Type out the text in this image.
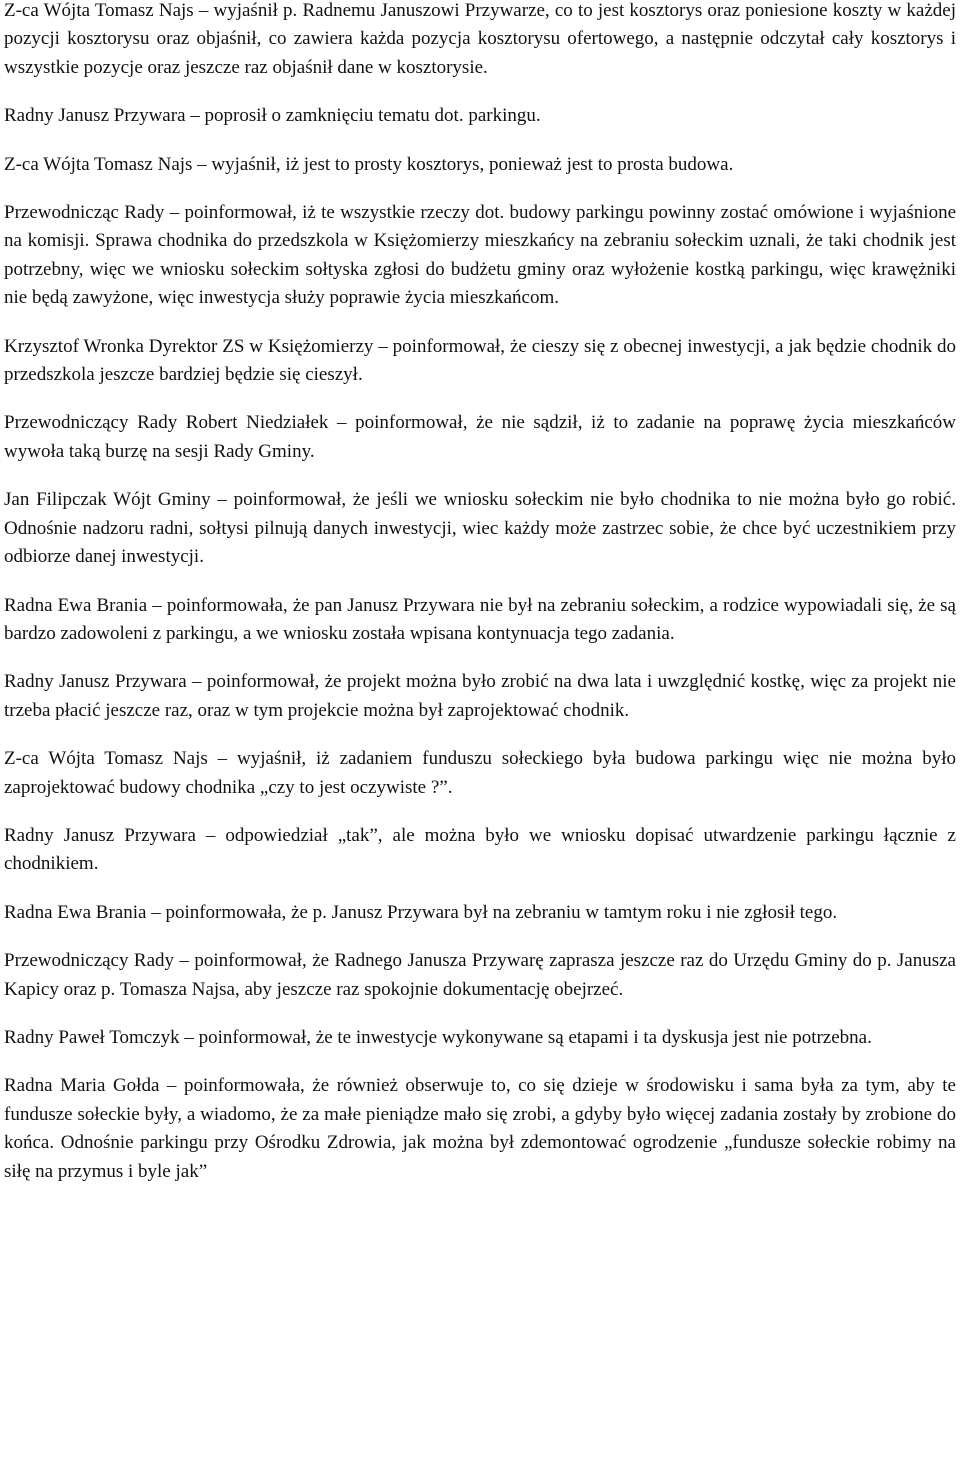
Z-ca Wójta Tomasz Najs – wyjaśnił p. Radnemu Januszowi Przywarze, co to jest kosztorys oraz poniesione koszty w każdej pozycji kosztorysu oraz objaśnił, co zawiera każda pozycja kosztorysu ofertowego, a następnie odczytał cały kosztorys i wszystkie pozycje oraz jeszcze raz objaśnił dane w kosztorysie.

Radny Janusz Przywara – poprosił o zamknięciu tematu dot. parkingu.

Z-ca Wójta Tomasz Najs – wyjaśnił, iż jest to prosty kosztorys, ponieważ jest to prosta budowa.

Przewodnicząc Rady – poinformował, iż te wszystkie rzeczy dot. budowy parkingu powinny zostać omówione i wyjaśnione na komisji. Sprawa chodnika do przedszkola w Księżomierzy mieszkańcy na zebraniu sołeckim uznali, że taki chodnik jest potrzebny, więc we wniosku sołeckim sołtyska zgłosi do budżetu gminy oraz wyłożenie kostką parkingu, więc krawężniki nie będą zawyżone, więc inwestycja służy poprawie życia mieszkańcom.

Krzysztof Wronka Dyrektor ZS w Księżomierzy – poinformował, że cieszy się z obecnej inwestycji, a jak będzie chodnik do przedszkola jeszcze bardziej będzie się cieszył.

Przewodniczący Rady Robert Niedziałek – poinformował, że nie sądził, iż to zadanie na poprawę życia mieszkańców wywoła taką burzę na sesji Rady Gminy.

Jan Filipczak Wójt Gminy – poinformował, że jeśli we wniosku sołeckim nie było chodnika to nie można było go robić. Odnośnie nadzoru radni, sołtysi pilnują danych inwestycji, wiec każdy może zastrzec sobie, że chce być uczestnikiem przy odbiorze danej inwestycji.

Radna Ewa Brania – poinformowała, że pan Janusz Przywara nie był na zebraniu sołeckim, a rodzice wypowiadali się, że są bardzo zadowoleni z parkingu, a we wniosku została wpisana kontynuacja tego zadania.

Radny Janusz Przywara – poinformował, że projekt można było zrobić na dwa lata i uwzględnić kostkę, więc za projekt nie trzeba płacić jeszcze raz, oraz w tym projekcie można był zaprojektować chodnik.

Z-ca Wójta Tomasz Najs – wyjaśnił, iż zadaniem funduszu sołeckiego była budowa parkingu więc nie można było zaprojektować budowy chodnika „czy to jest oczywiste ?”.

Radny Janusz Przywara – odpowiedział „tak”, ale można było we wniosku dopisać utwardzenie parkingu łącznie z chodnikiem.

Radna Ewa Brania – poinformowała, że p. Janusz Przywara był na zebraniu w tamtym roku i nie zgłosił tego.

Przewodniczący Rady – poinformował, że Radnego Janusza Przywarę zaprasza jeszcze raz do Urzędu Gminy do p. Janusza Kapicy oraz p. Tomasza Najsa, aby jeszcze raz spokojnie dokumentację obejrzeć.

Radny Paweł Tomczyk – poinformował, że te inwestycje wykonywane są etapami i ta dyskusja jest nie potrzebna.

Radna Maria Gołda – poinformowała, że również obserwuje to, co się dzieje w środowisku i sama była za tym, aby te fundusze sołeckie były, a wiadomo, że za małe pieniądze mało się zrobi, a gdyby było więcej zadania zostały by zrobione do końca. Odnośnie parkingu przy Ośrodku Zdrowia, jak można był zdemontować ogrodzenie „fundusze sołeckie robimy na siłę na przymus i byle jak”
